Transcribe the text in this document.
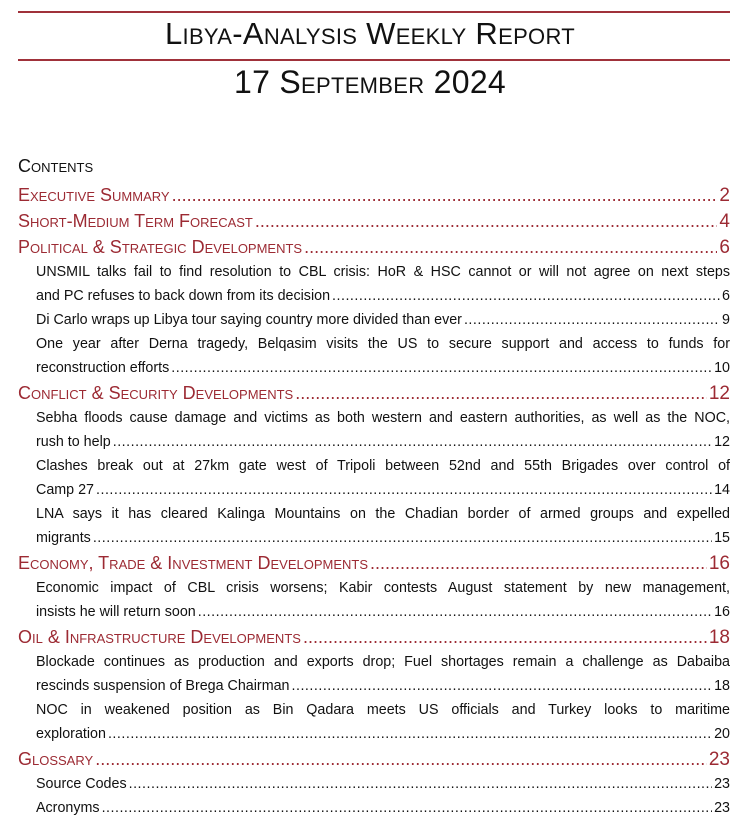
Libya-Analysis Weekly Report
17 September 2024
Contents
Executive Summary .....	2
Short-Medium Term Forecast .....	4
Political & Strategic Developments .....	6
UNSMIL talks fail to find resolution to CBL crisis: HoR & HSC cannot or will not agree on next steps
and PC refuses to back down from its decision .....	6
Di Carlo wraps up Libya tour saying country more divided than ever .....	9
One year after Derna tragedy, Belqasim visits the US to secure support and access to funds for
reconstruction efforts .....	10
Conflict & Security Developments .....	12
Sebha floods cause damage and victims as both western and eastern authorities, as well as the NOC,
rush to help .....	12
Clashes break out at 27km gate west of Tripoli between 52nd and 55th Brigades over control of
Camp 27 .....	14
LNA says it has cleared Kalinga Mountains on the Chadian border of armed groups and expelled
migrants .....	15
Economy, Trade & Investment Developments .....	16
Economic impact of CBL crisis worsens; Kabir contests August statement by new management,
insists he will return soon .....	16
Oil & Infrastructure Developments .....	18
Blockade continues as production and exports drop; Fuel shortages remain a challenge as Dabaiba
rescinds suspension of Brega Chairman .....	18
NOC in weakened position as Bin Qadara meets US officials and Turkey looks to maritime
exploration .....	20
Glossary .....	23
Source Codes .....	23
Acronyms .....	23
